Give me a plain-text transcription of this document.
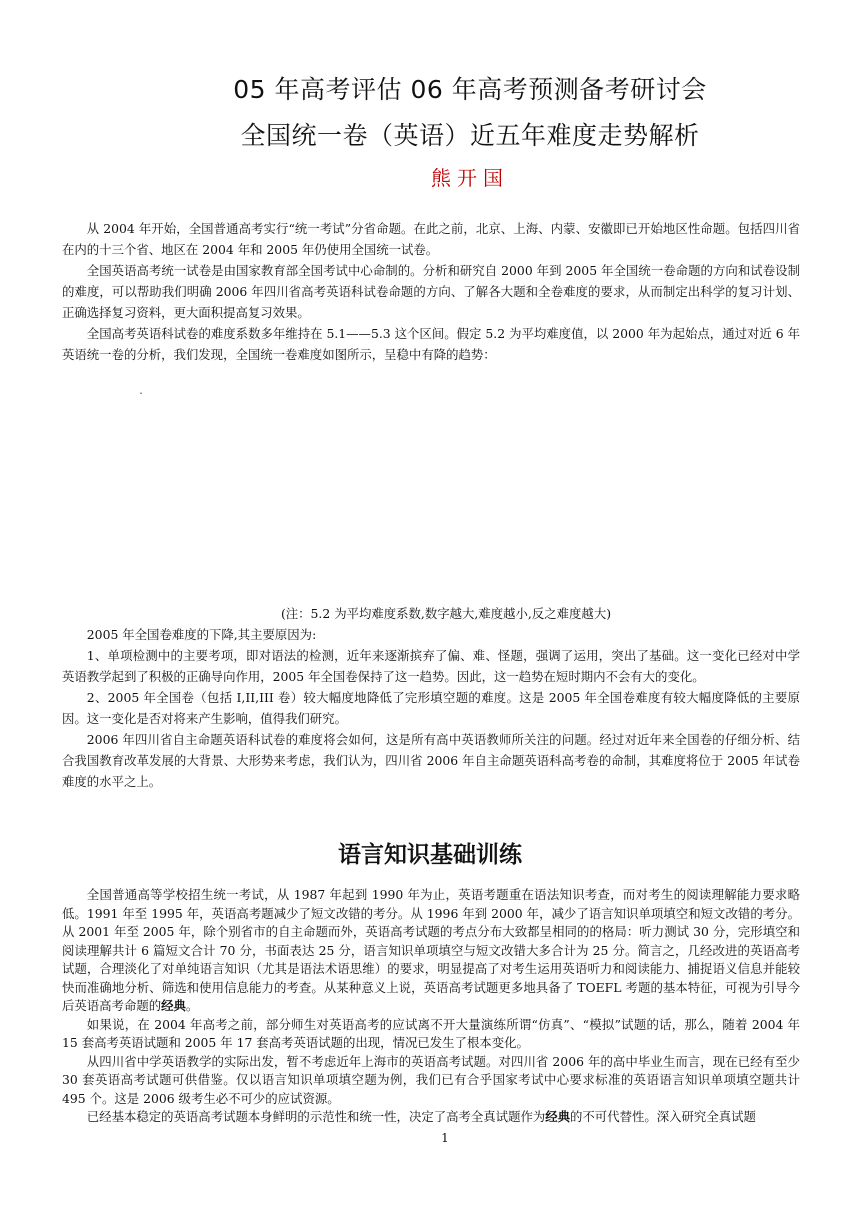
05 年高考评估 06 年高考预测备考研讨会
全国统一卷（英语）近五年难度走势解析
熊开国

从 2004 年开始，全国普通高考实行“统一考试”分省命题。在此之前，北京、上海、内蒙、安徽即已开始地区性命题。包括四川省在内的十三个省、地区在 2004 年和 2005 年仍使用全国统一试卷。

全国英语高考统一试卷是由国家教育部全国考试中心命制的。分析和研究自 2000 年到 2005 年全国统一卷命题的方向和试卷设制的难度，可以帮助我们明确 2006 年四川省高考英语科试卷命题的方向、了解各大题和全卷难度的要求，从而制定出科学的复习计划、正确选择复习资料，更大面积提高复习效果。

全国高考英语科试卷的难度系数多年维持在 5.1——5.3 这个区间。假定 5.2 为平均难度值，以 2000 年为起始点，通过对近 6 年英语统一卷的分析，我们发现，全国统一卷难度如图所示，呈稳中有降的趋势：

ˇ

(注：5.2 为平均难度系数,数字越大,难度越小,反之难度越大)

2005 年全国卷难度的下降,其主要原因为:

1、单项检测中的主要考项，即对语法的检测，近年来逐渐摈弃了偏、难、怪题，强调了运用，突出了基础。这一变化已经对中学英语教学起到了积极的正确导向作用，2005 年全国卷保持了这一趋势。因此，这一趋势在短时期内不会有大的变化。

2、2005 年全国卷（包括 I,II,III 卷）较大幅度地降低了完形填空题的难度。这是 2005 年全国卷难度有较大幅度降低的主要原因。这一变化是否对将来产生影响，值得我们研究。

2006 年四川省自主命题英语科试卷的难度将会如何，这是所有高中英语教师所关注的问题。经过对近年来全国卷的仔细分析、结合我国教育改革发展的大背景、大形势来考虑，我们认为，四川省 2006 年自主命题英语科高考卷的命制，其难度将位于 2005 年试卷难度的水平之上。

语言知识基础训练

全国普通高等学校招生统一考试，从 1987 年起到 1990 年为止，英语考题重在语法知识考查，而对考生的阅读理解能力要求略低。1991 年至 1995 年，英语高考题减少了短文改错的考分。从 1996 年到 2000 年，减少了语言知识单项填空和短文改错的考分。从 2001 年至 2005 年，除个别省市的自主命题而外，英语高考试题的考点分布大致都呈相同的的格局：听力测试 30 分，完形填空和阅读理解共计 6 篇短文合计 70 分，书面表达 25 分，语言知识单项填空与短文改错大多合计为 25 分。简言之，几经改进的英语高考试题，合理淡化了对单纯语言知识（尤其是语法术语思维）的要求，明显提高了对考生运用英语听力和阅读能力、捕捉语义信息并能较快而准确地分析、筛选和使用信息能力的考查。从某种意义上说，英语高考试题更多地具备了 TOEFL 考题的基本特征，可视为引导今后英语高考命题的经典。

如果说，在 2004 年高考之前，部分师生对英语高考的应试离不开大量演练所谓“仿真”、“模拟”试题的话，那么，随着 2004 年 15 套高考英语试题和 2005 年 17 套高考英语试题的出现，情况已发生了根本变化。

从四川省中学英语教学的实际出发，暂不考虑近年上海市的英语高考试题。对四川省 2006 年的高中毕业生而言，现在已经有至少 30 套英语高考试题可供借鉴。仅以语言知识单项填空题为例，我们已有合乎国家考试中心要求标准的英语语言知识单项填空题共计 495 个。这是 2006 级考生必不可少的应试资源。

已经基本稳定的英语高考试题本身鲜明的示范性和统一性，决定了高考全真试题作为经典的不可代替性。深入研究全真试题

1
